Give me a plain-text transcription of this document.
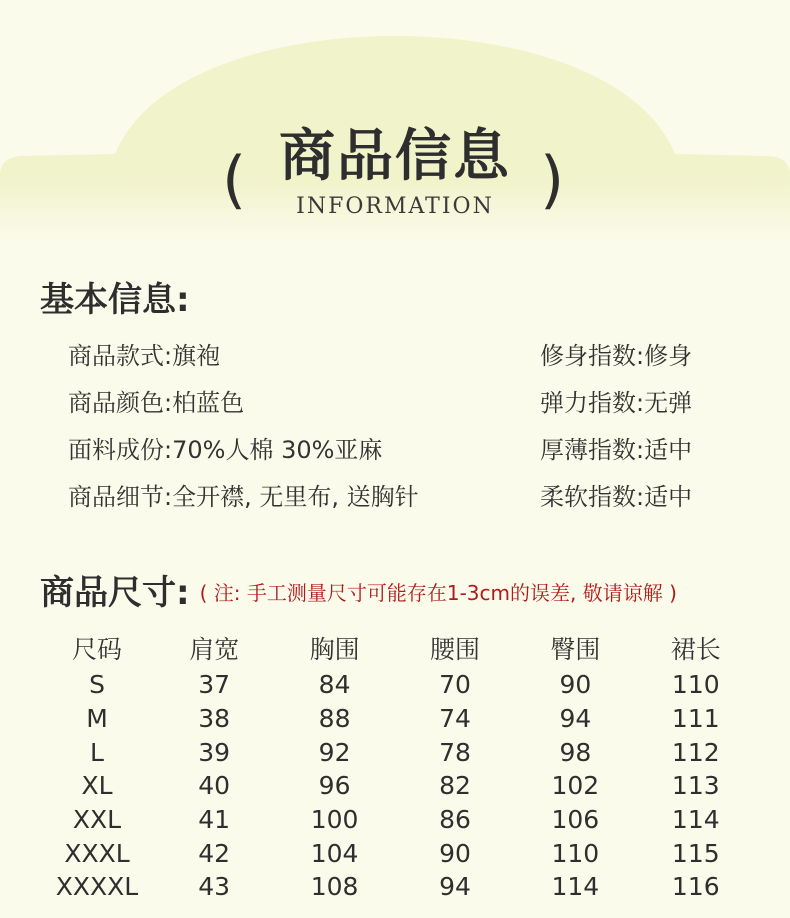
( 商品信息
INFORMATION )
基本信息:
商品款式:旗袍
商品颜色:柏蓝色
面料成份:70%人棉 30%亚麻
商品细节:全开襟, 无里布, 送胸针
修身指数:修身
弹力指数:无弹
厚薄指数:适中
柔软指数:适中
商品尺寸: ( 注: 手工测量尺寸可能存在1-3cm的误差, 敬请谅解 )
尺码	肩宽	胸围	腰围	臀围	裙长
S	37	84	70	90	110
M	38	88	74	94	111
L	39	92	78	98	112
XL	40	96	82	102	113
XXL	41	100	86	106	114
XXXL	42	104	90	110	115
XXXXL	43	108	94	114	116
